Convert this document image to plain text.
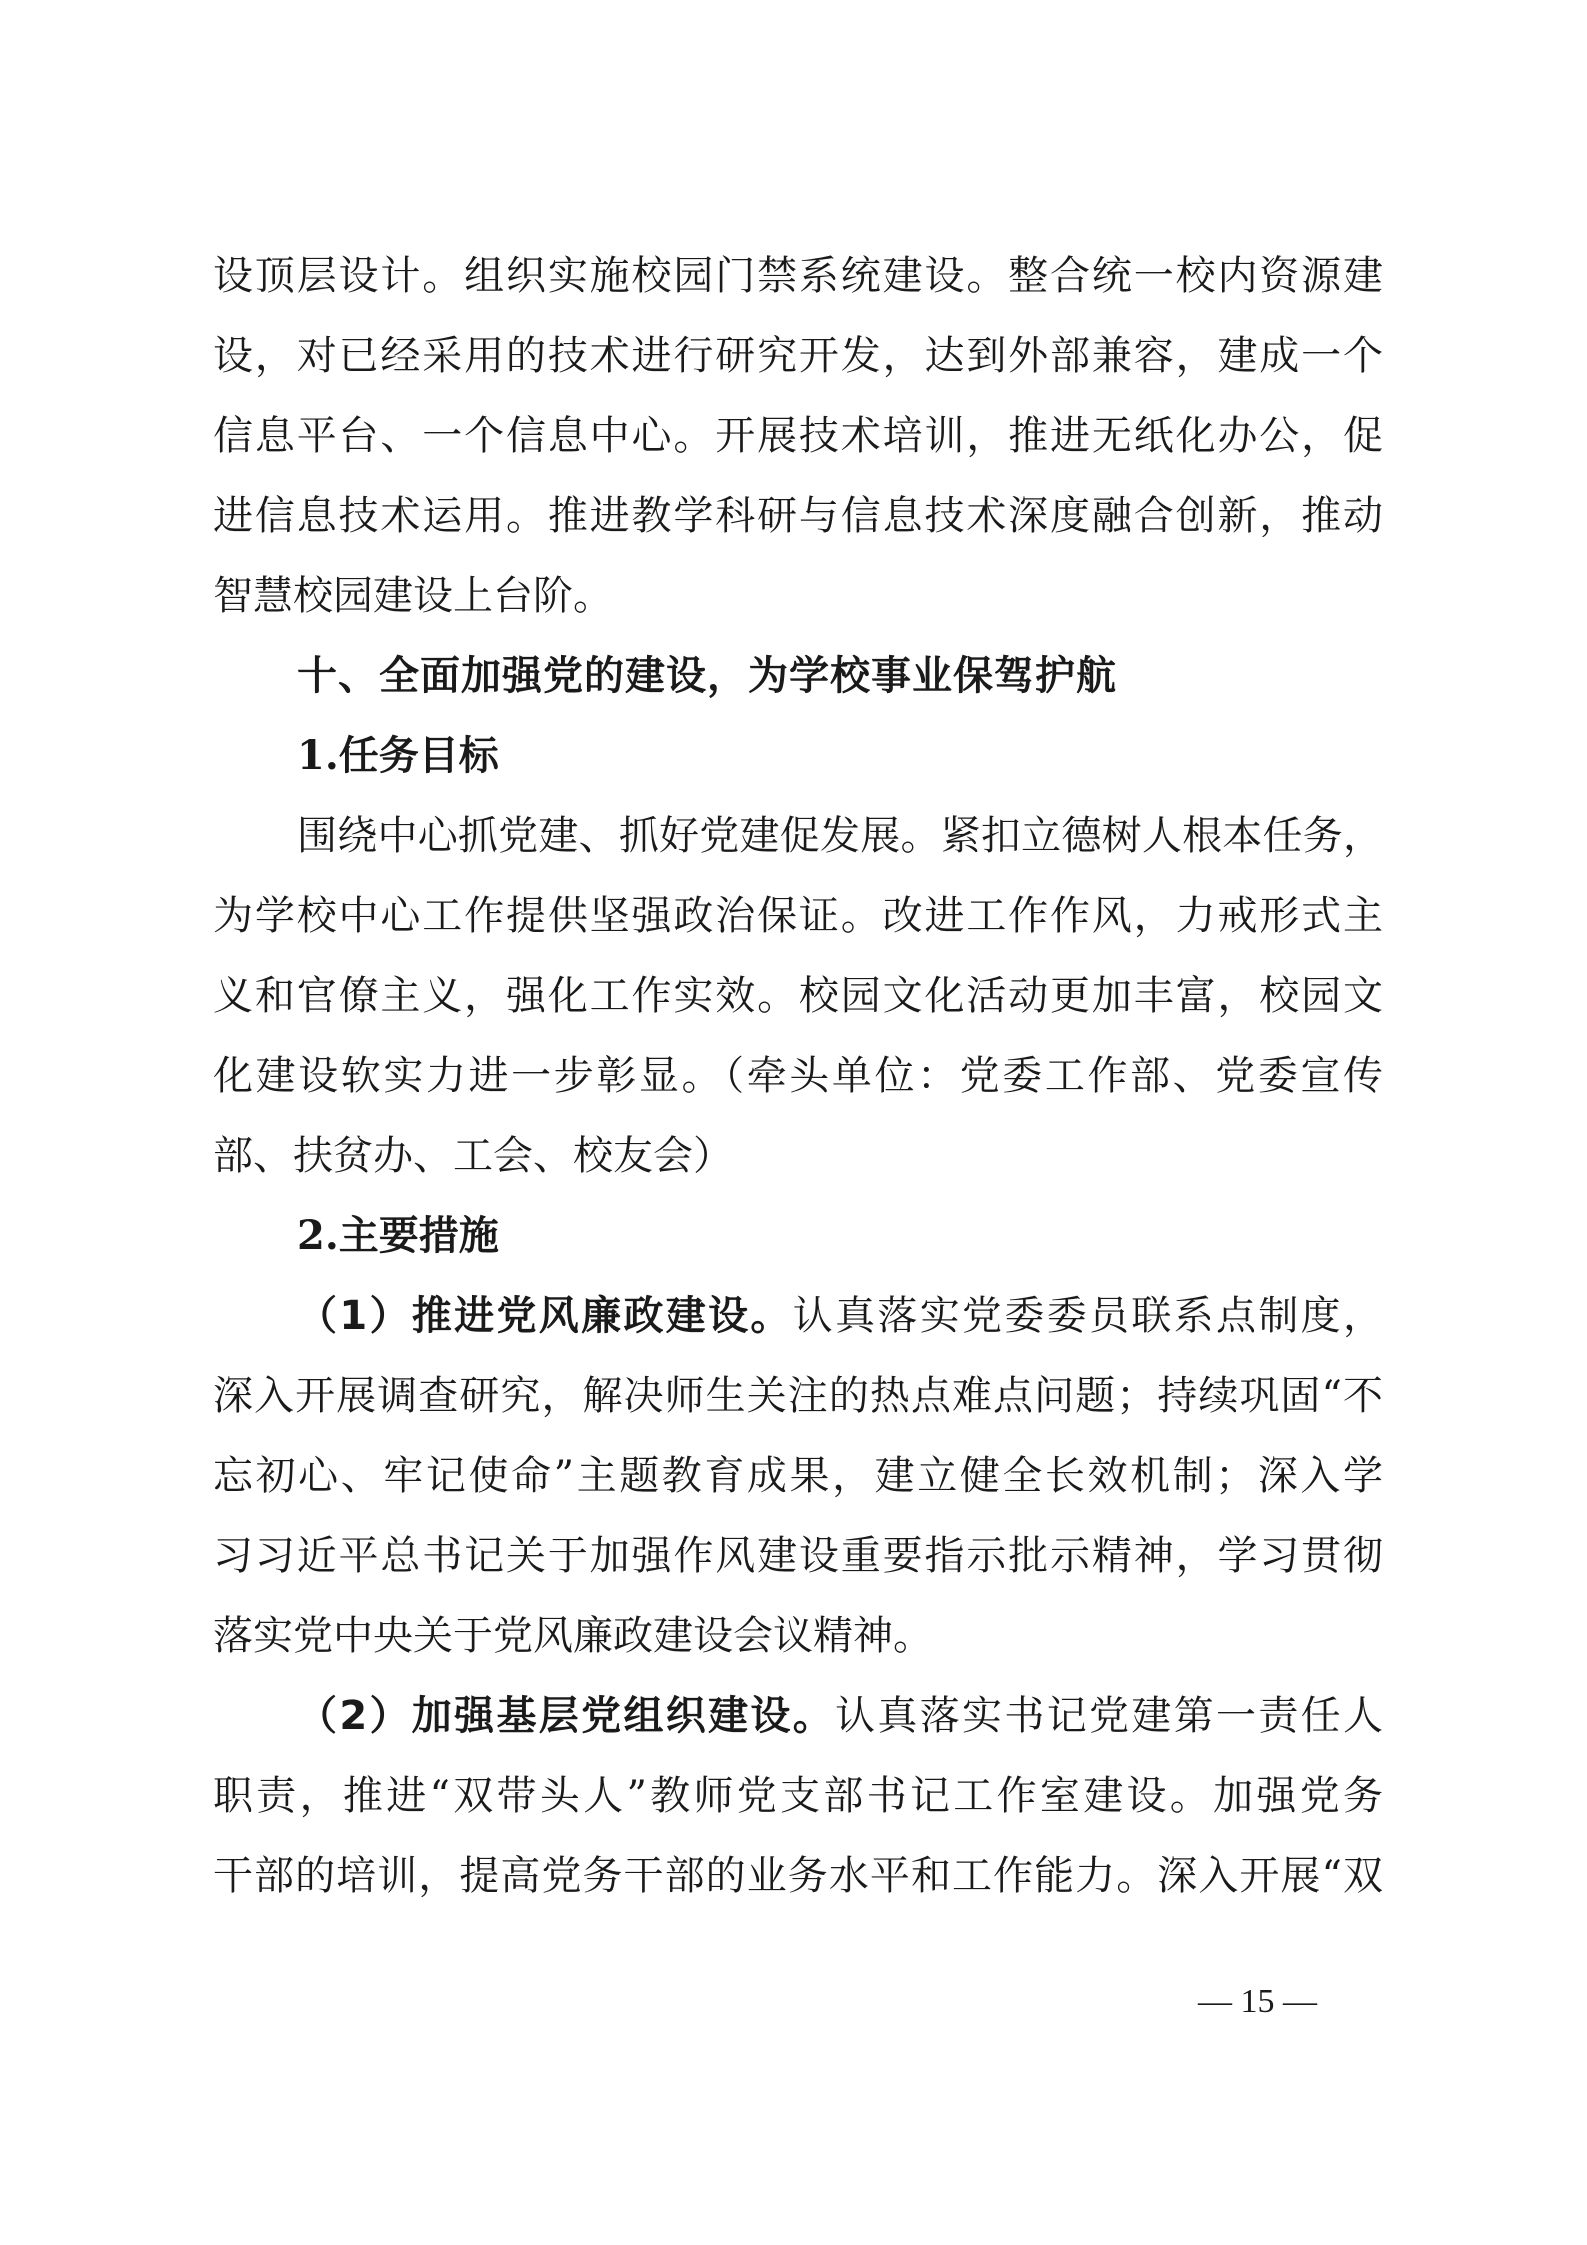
设顶层设计。组织实施校园门禁系统建设。整合统一校内资源建
设，对已经采用的技术进行研究开发，达到外部兼容，建成一个
信息平台、一个信息中心。开展技术培训，推进无纸化办公，促
进信息技术运用。推进教学科研与信息技术深度融合创新，推动
智慧校园建设上台阶。
十、全面加强党的建设，为学校事业保驾护航
1.任务目标
围绕中心抓党建、抓好党建促发展。紧扣立德树人根本任务，
为学校中心工作提供坚强政治保证。改进工作作风，力戒形式主
义和官僚主义，强化工作实效。校园文化活动更加丰富，校园文
化建设软实力进一步彰显。（牵头单位：党委工作部、党委宣传
部、扶贫办、工会、校友会）
2.主要措施
（1）推进党风廉政建设。认真落实党委委员联系点制度，
深入开展调查研究，解决师生关注的热点难点问题；持续巩固“不
忘初心、牢记使命”主题教育成果，建立健全长效机制；深入学
习习近平总书记关于加强作风建设重要指示批示精神，学习贯彻
落实党中央关于党风廉政建设会议精神。
（2）加强基层党组织建设。认真落实书记党建第一责任人
职责，推进“双带头人”教师党支部书记工作室建设。加强党务
干部的培训，提高党务干部的业务水平和工作能力。深入开展“双
— 15 —
